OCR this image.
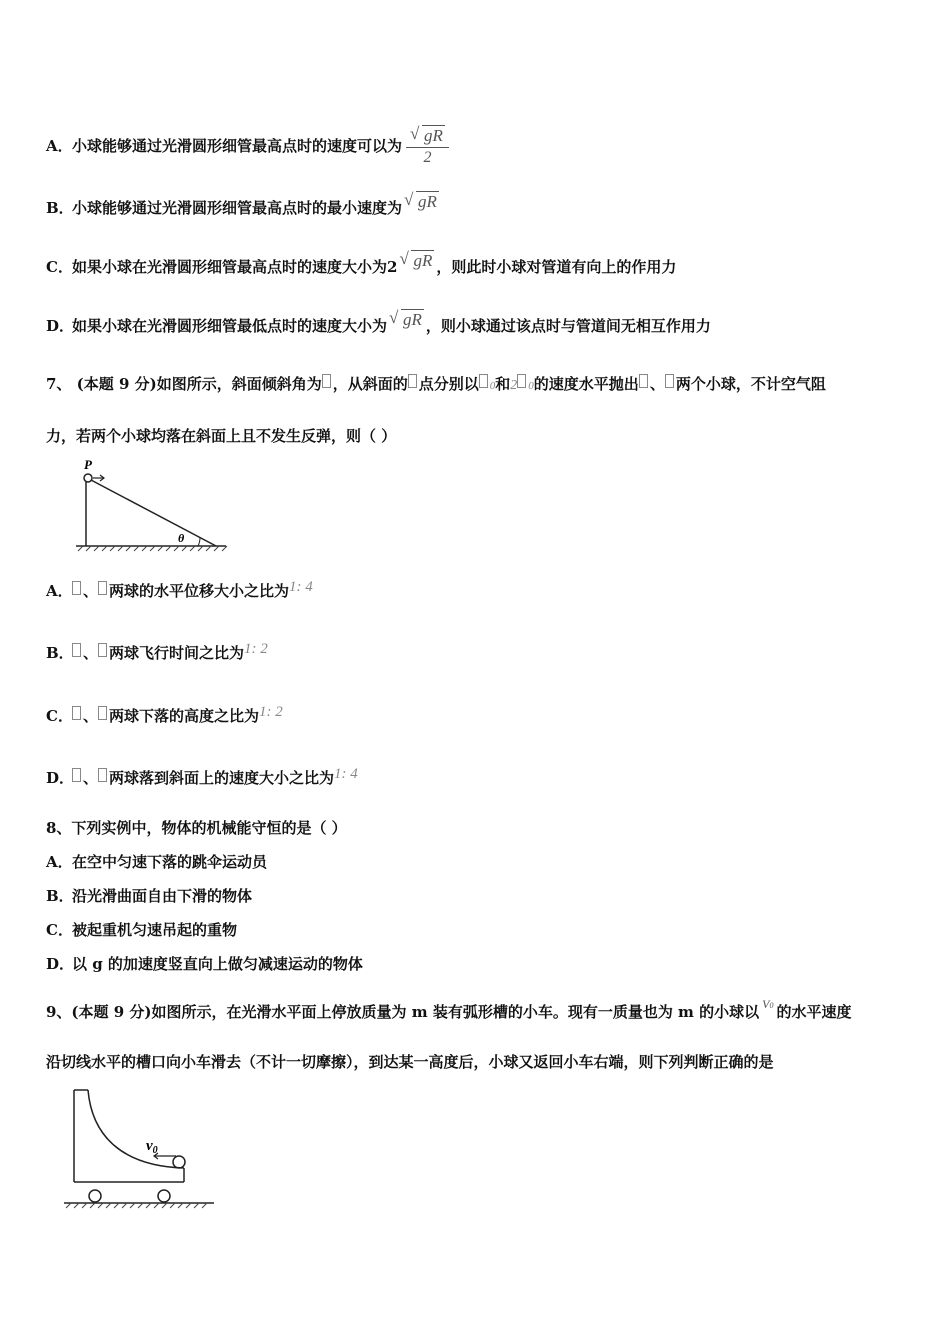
A．小球能够通过光滑圆形细管最高点时的速度可以为 $\frac{√ gR}{2}$
B．小球能够通过光滑圆形细管最高点时的最小速度为 √ gR
C．如果小球在光滑圆形细管最高点时的速度大小为2 √ gR ，则此时小球对管道有向上的作用力
D．如果小球在光滑圆形细管最低点时的速度大小为 √ gR ，则小球通过该点时与管道间无相互作用力
7、 (本题 9 分)如图所示，斜面倾斜角为 ，从斜面的 点分别以 0和2 0的速度水平抛出 、 两个小球，不计空气阻
力，若两个小球均落在斜面上且不发生反弹，则（ ）
P
θ
A． 、 两球的水平位移大小之比为1: 4
B． 、 两球飞行时间之比为1: 2
C． 、 两球下落的高度之比为1: 2
D． 、 两球落到斜面上的速度大小之比为1: 4
8、下列实例中，物体的机械能守恒的是（ ）
A．在空中匀速下落的跳伞运动员
B．沿光滑曲面自由下滑的物体
C．被起重机匀速吊起的重物
D．以 g 的加速度竖直向上做匀减速运动的物体
9、(本题 9 分)如图所示，在光滑水平面上停放质量为 m 装有弧形槽的小车。现有一质量也为 m 的小球以 $^{V0}$ 的水平速度
沿切线水平的槽口向小车滑去（不计一切摩擦），到达某一高度后，小球又返回小车右端，则下列判断正确的是
$v_0$
